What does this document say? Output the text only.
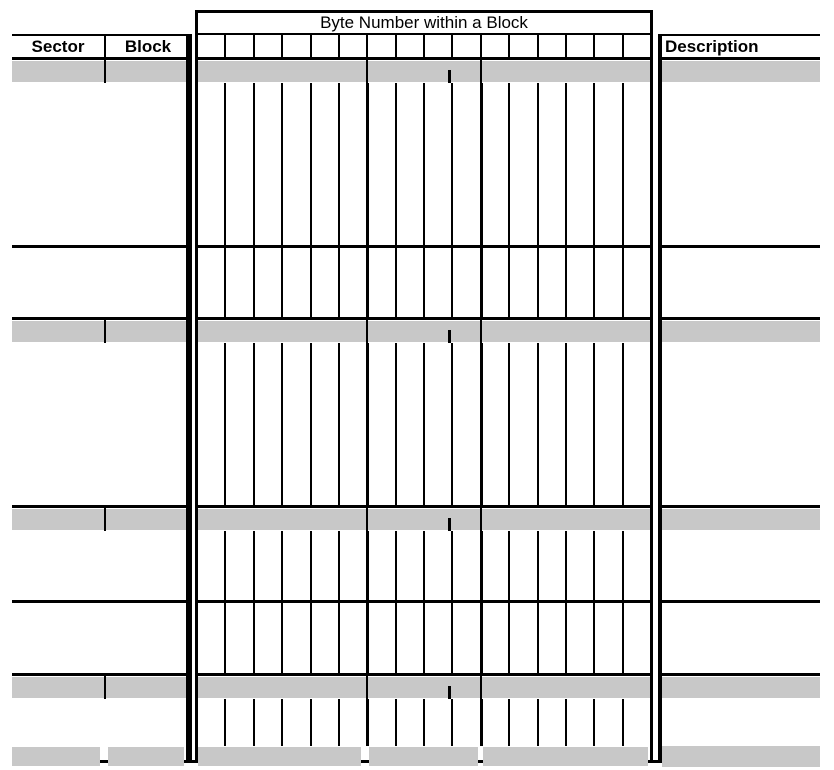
Sector	Block
Byte Number within a Block
Description
